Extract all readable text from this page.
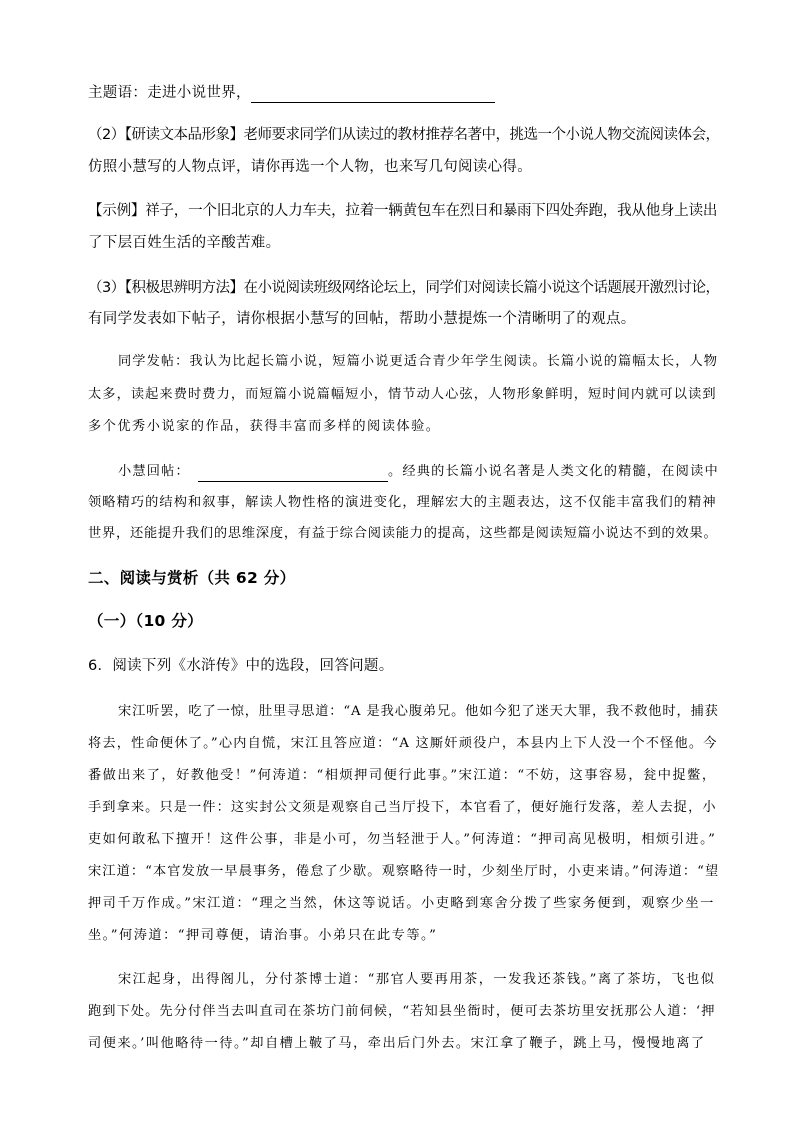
主题语：走进小说世界，
（2）【研读文本品形象】老师要求同学们从读过的教材推荐名著中，挑选一个小说人物交流阅读体会，
仿照小慧写的人物点评，请你再选一个人物，也来写几句阅读心得。
【示例】祥子，一个旧北京的人力车夫，拉着一辆黄包车在烈日和暴雨下四处奔跑，我从他身上读出
了下层百姓生活的辛酸苦难。
（3）【积极思辨明方法】在小说阅读班级网络论坛上，同学们对阅读长篇小说这个话题展开激烈讨论，
有同学发表如下帖子，请你根据小慧写的回帖，帮助小慧提炼一个清晰明了的观点。
同学发帖：我认为比起长篇小说，短篇小说更适合青少年学生阅读。长篇小说的篇幅太长，人物
太多，读起来费时费力，而短篇小说篇幅短小，情节动人心弦，人物形象鲜明，短时间内就可以读到
多个优秀小说家的作品，获得丰富而多样的阅读体验。
小慧回帖：	。经典的长篇小说名著是人类文化的精髓，在阅读中
领略精巧的结构和叙事，解读人物性格的演进变化，理解宏大的主题表达，这不仅能丰富我们的精神
世界，还能提升我们的思维深度，有益于综合阅读能力的提高，这些都是阅读短篇小说达不到的效果。
二、阅读与赏析（共 62 分）
（一）（10 分）
6．阅读下列《水浒传》中的选段，回答问题。
宋江听罢，吃了一惊，肚里寻思道：“A 是我心腹弟兄。他如今犯了迷天大罪，我不救他时，捕获
将去，性命便休了。”心内自慌，宋江且答应道：“A 这厮奸顽役户，本县内上下人没一个不怪他。今
番做出来了，好教他受！”何涛道：“相烦押司便行此事。”宋江道：“不妨，这事容易，瓮中捉鳖，
手到拿来。只是一件：这实封公文须是观察自己当厅投下，本官看了，便好施行发落，差人去捉，小
吏如何敢私下擅开！这件公事，非是小可，勿当轻泄于人。”何涛道：“押司高见极明，相烦引进。”
宋江道：“本官发放一早晨事务，倦怠了少歇。观察略待一时，少刻坐厅时，小吏来请。”何涛道：“望
押司千万作成。”宋江道：“理之当然，休这等说话。小吏略到寒舍分拨了些家务便到，观察少坐一
坐。”何涛道：“押司尊便，请治事。小弟只在此专等。”
宋江起身，出得阁儿，分付茶博士道：“那官人要再用茶，一发我还茶钱。”离了茶坊，飞也似
跑到下处。先分付伴当去叫直司在茶坊门前伺候，“若知县坐衙时，便可去茶坊里安抚那公人道：‘押
司便来。’叫他略待一待。”却自槽上鞁了马，牵出后门外去。宋江拿了鞭子，跳上马，慢慢地离了
